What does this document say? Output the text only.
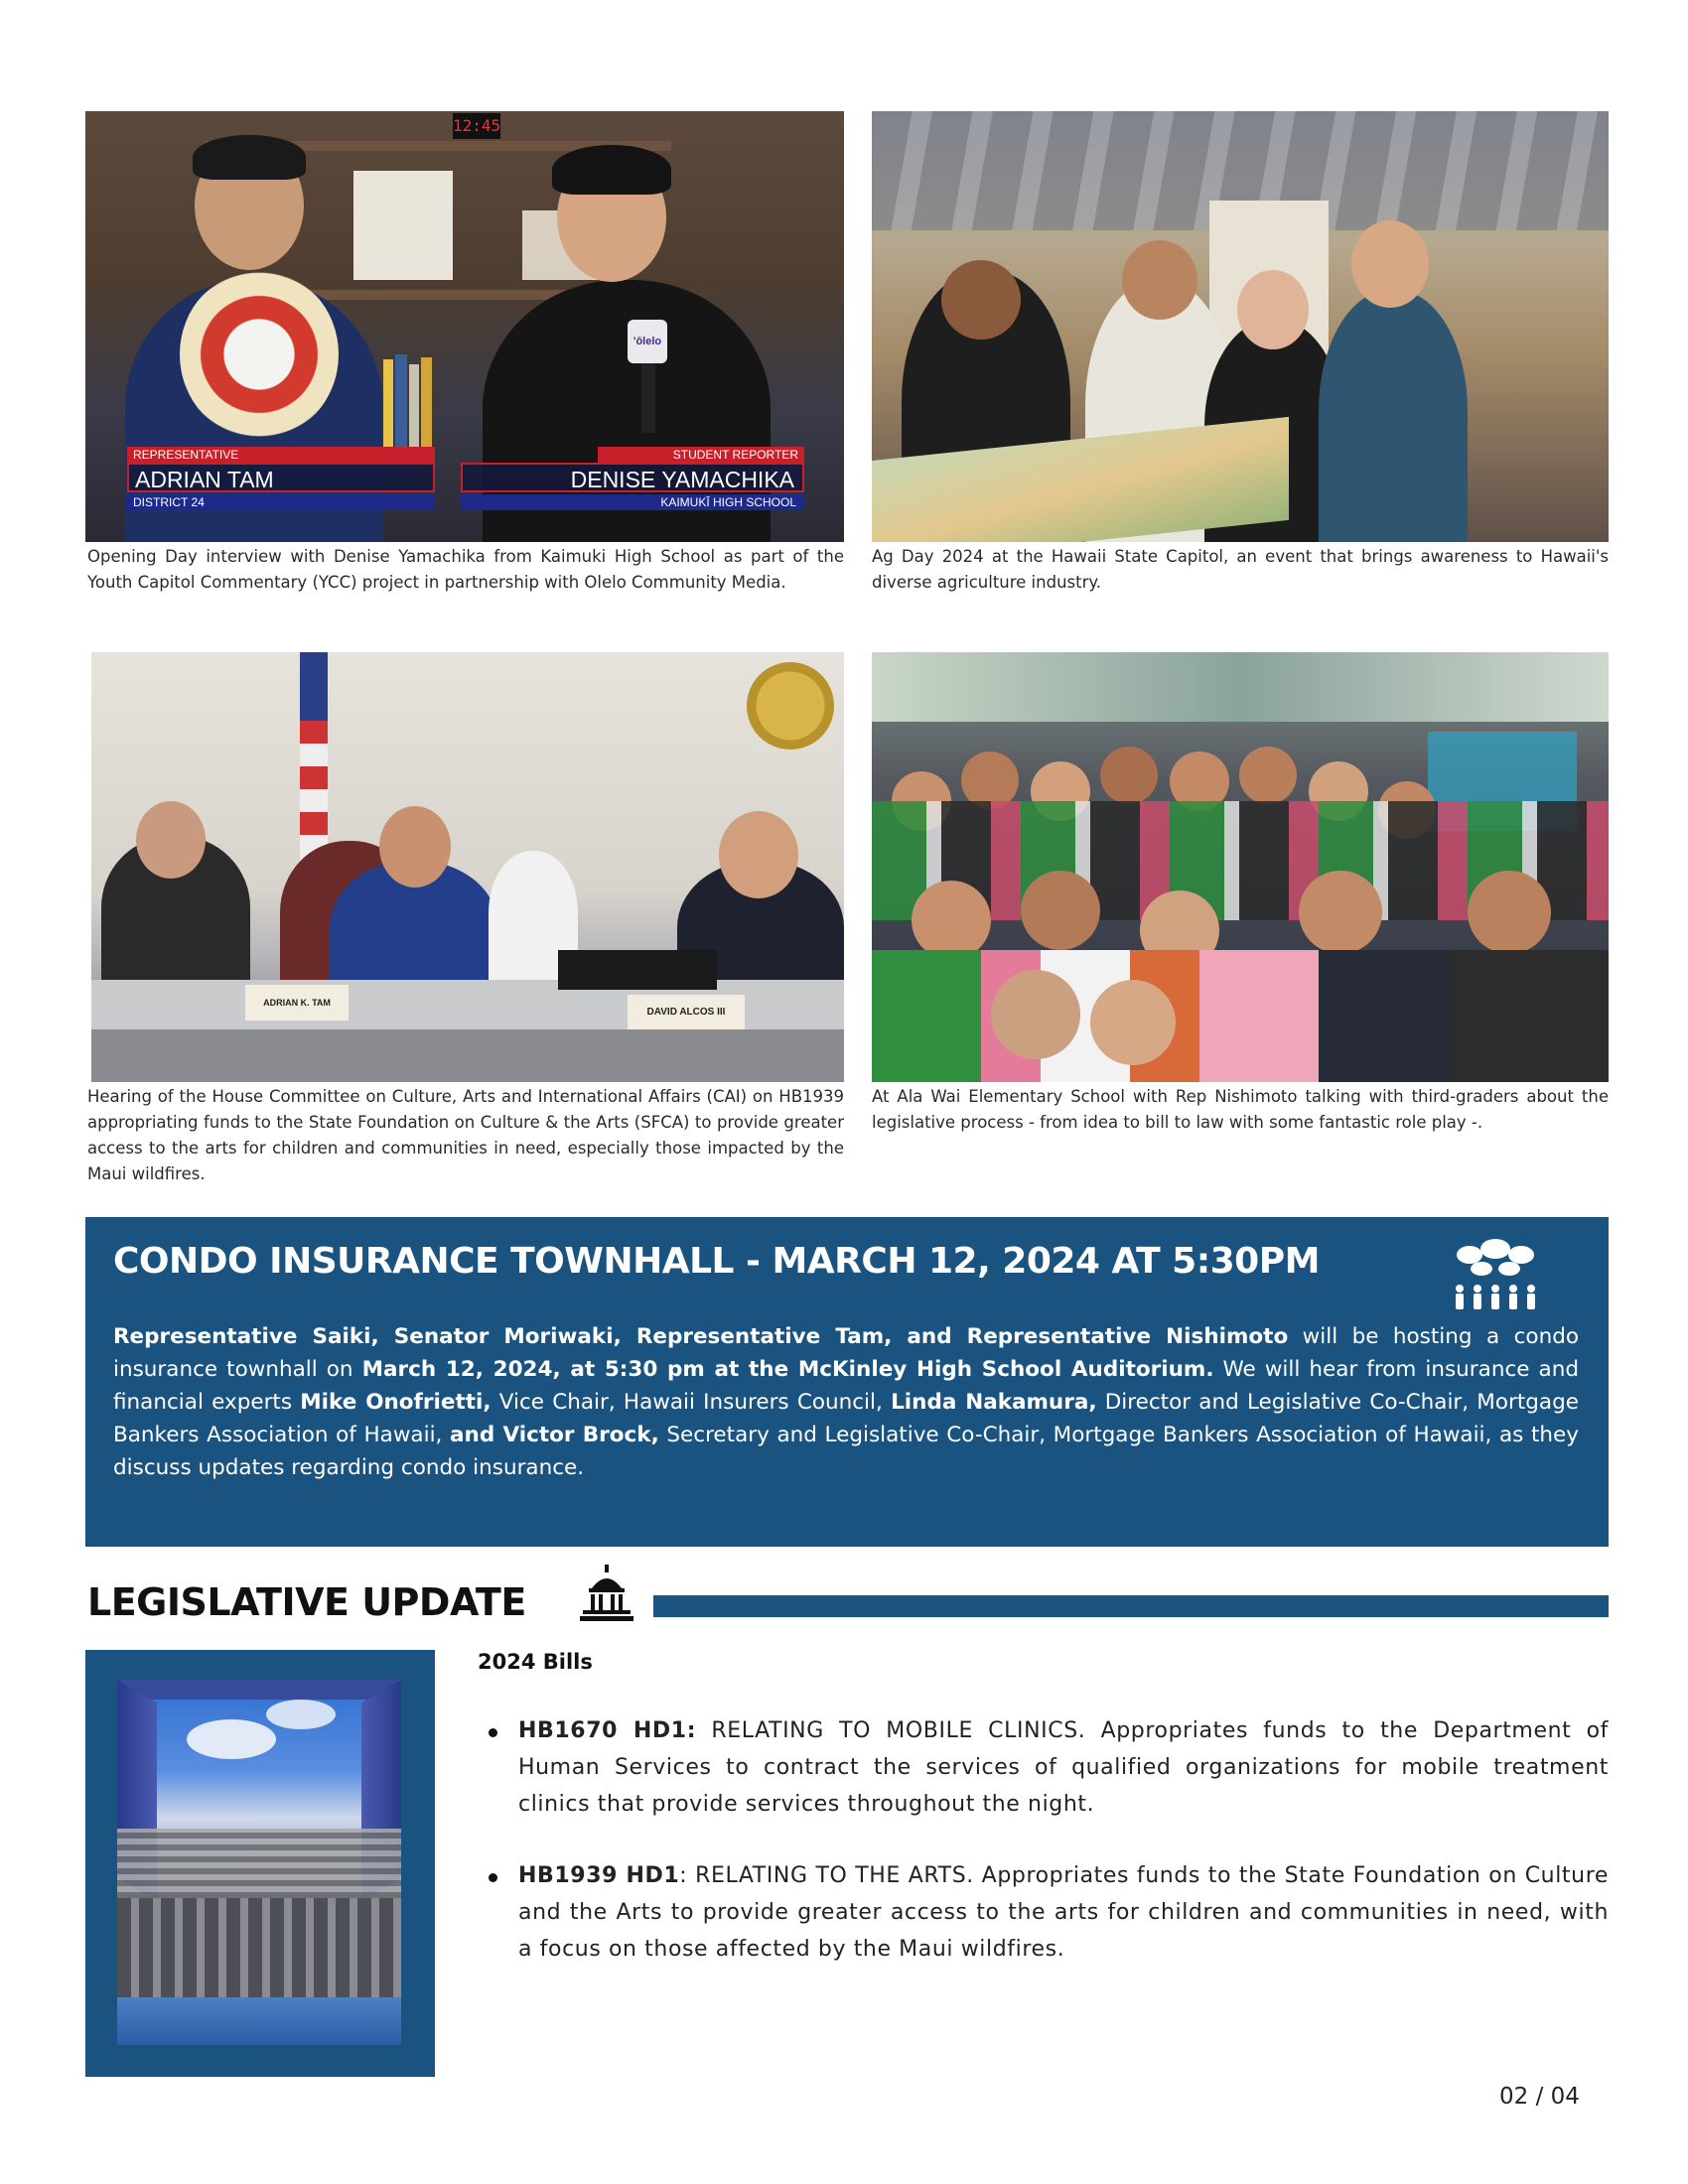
12:45
'ōlelo
REPRESENTATIVE
ADRIAN TAM
DISTRICT 24
STUDENT REPORTER
DENISE YAMACHIKA
KAIMUKĪ HIGH SCHOOL
Opening Day interview with Denise Yamachika from Kaimuki High School as part of the Youth Capitol Commentary (YCC) project in partnership with Olelo Community Media.
Ag Day 2024 at the Hawaii State Capitol, an event that brings awareness to Hawaii's diverse agriculture industry.
ADRIAN K. TAM
DAVID ALCOS III
Hearing of the House Committee on Culture, Arts and International Affairs (CAI) on HB1939 appropriating funds to the State Foundation on Culture & the Arts (SFCA) to provide greater access to the arts for children and communities in need, especially those impacted by the Maui wildfires.
At Ala Wai Elementary School with Rep Nishimoto talking with third-graders about the legislative process - from idea to bill to law with some fantastic role play -.
CONDO INSURANCE TOWNHALL - MARCH 12, 2024 AT 5:30PM

Representative Saiki, Senator Moriwaki, Representative Tam, and Representative Nishimoto will be hosting a condo insurance townhall on March 12, 2024, at 5:30 pm at the McKinley High School Auditorium. We will hear from insurance and financial experts Mike Onofrietti, Vice Chair, Hawaii Insurers Council, Linda Nakamura, Director and Legislative Co-Chair, Mortgage Bankers Association of Hawaii, and Victor Brock, Secretary and Legislative Co-Chair, Mortgage Bankers Association of Hawaii, as they discuss updates regarding condo insurance.

LEGISLATIVE UPDATE
2024 Bills

HB1670 HD1: RELATING TO MOBILE CLINICS. Appropriates funds to the Department of Human Services to contract the services of qualified organizations for mobile treatment clinics that provide services throughout the night.

HB1939 HD1: RELATING TO THE ARTS. Appropriates funds to the State Foundation on Culture and the Arts to provide greater access to the arts for children and communities in need, with a focus on those affected by the Maui wildfires.

02 / 04
